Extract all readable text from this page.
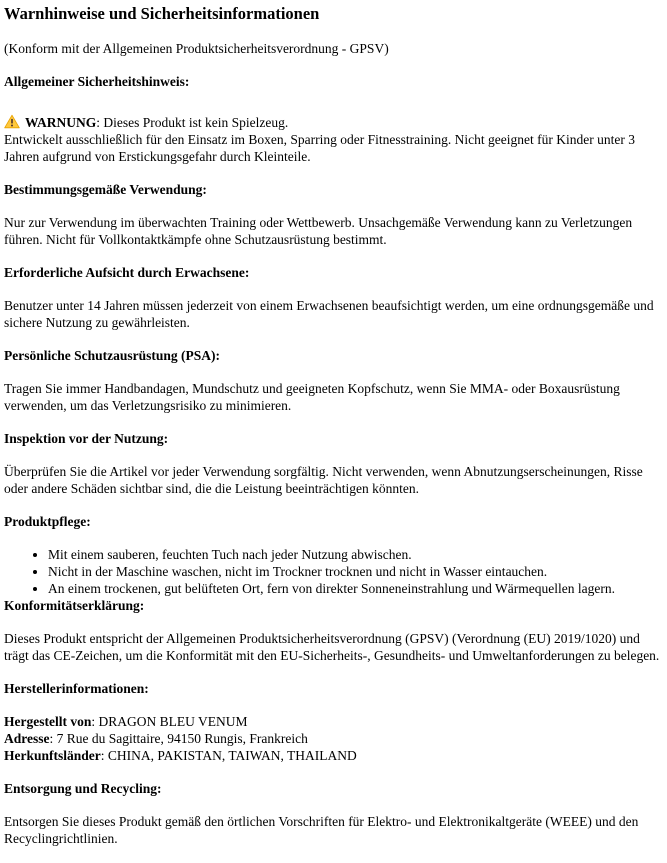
Warnhinweise und Sicherheitsinformationen

(Konform mit der Allgemeinen Produktsicherheitsverordnung - GPSV)

Allgemeiner Sicherheitshinweis:

WARNUNG: Dieses Produkt ist kein Spielzeug.

Entwickelt ausschließlich für den Einsatz im Boxen, Sparring oder Fitnesstraining. Nicht geeignet für Kinder unter 3 Jahren aufgrund von Erstickungsgefahr durch Kleinteile.

Bestimmungsgemäße Verwendung:

Nur zur Verwendung im überwachten Training oder Wettbewerb. Unsachgemäße Verwendung kann zu Verletzungen führen. Nicht für Vollkontaktkämpfe ohne Schutzausrüstung bestimmt.

Erforderliche Aufsicht durch Erwachsene:

Benutzer unter 14 Jahren müssen jederzeit von einem Erwachsenen beaufsichtigt werden, um eine ordnungsgemäße und sichere Nutzung zu gewährleisten.

Persönliche Schutzausrüstung (PSA):

Tragen Sie immer Handbandagen, Mundschutz und geeigneten Kopfschutz, wenn Sie MMA- oder Boxausrüstung verwenden, um das Verletzungsrisiko zu minimieren.

Inspektion vor der Nutzung:

Überprüfen Sie die Artikel vor jeder Verwendung sorgfältig. Nicht verwenden, wenn Abnutzungserscheinungen, Risse oder andere Schäden sichtbar sind, die die Leistung beeinträchtigen könnten.

Produktpflege:

• Mit einem sauberen, feuchten Tuch nach jeder Nutzung abwischen.
• Nicht in der Maschine waschen, nicht im Trockner trocknen und nicht in Wasser eintauchen.
• An einem trockenen, gut belüfteten Ort, fern von direkter Sonneneinstrahlung und Wärmequellen lagern.

Konformitätserklärung:

Dieses Produkt entspricht der Allgemeinen Produktsicherheitsverordnung (GPSV) (Verordnung (EU) 2019/1020) und trägt das CE-Zeichen, um die Konformität mit den EU-Sicherheits-, Gesundheits- und Umweltanforderungen zu belegen.

Herstellerinformationen:

Hergestellt von: DRAGON BLEU VENUM
Adresse: 7 Rue du Sagittaire, 94150 Rungis, Frankreich
Herkunftsländer: CHINA, PAKISTAN, TAIWAN, THAILAND

Entsorgung und Recycling:

Entsorgen Sie dieses Produkt gemäß den örtlichen Vorschriften für Elektro- und Elektronikaltgeräte (WEEE) und den Recyclingrichtlinien.
